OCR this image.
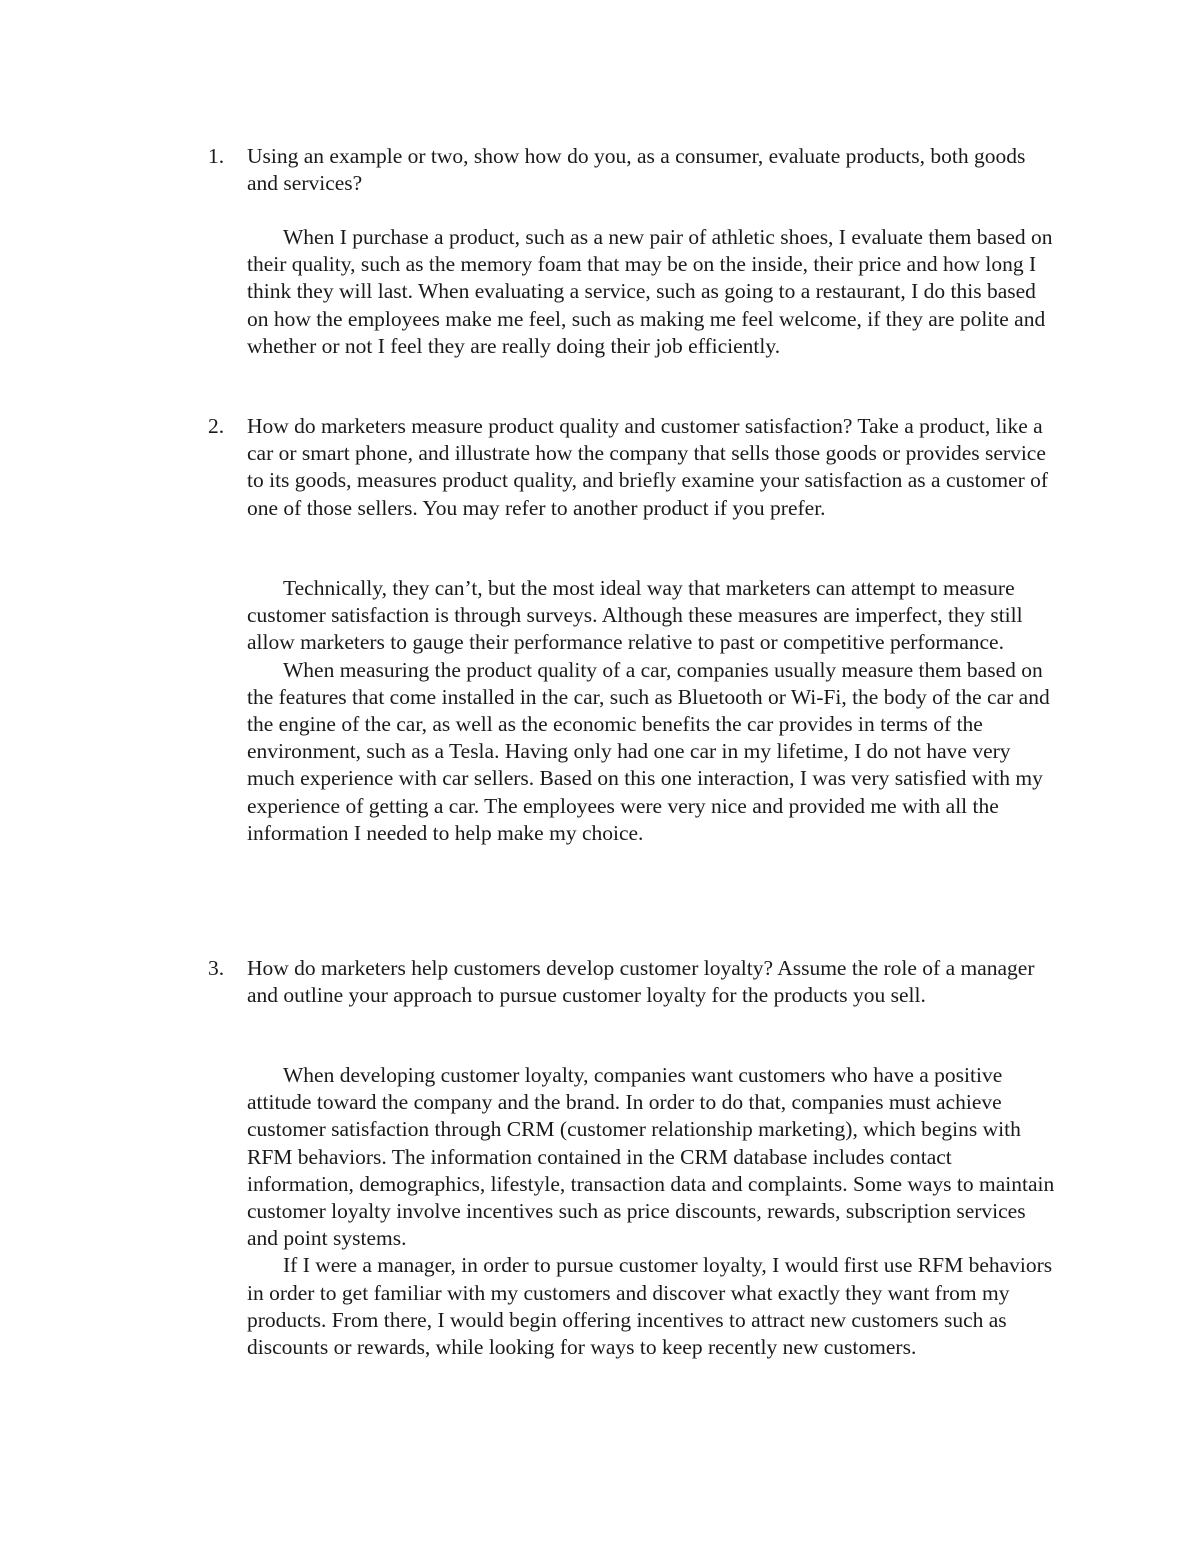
1.	Using an example or two, show how do you, as a consumer, evaluate products, both goods and services?

When I purchase a product, such as a new pair of athletic shoes, I evaluate them based on their quality, such as the memory foam that may be on the inside, their price and how long I think they will last. When evaluating a service, such as going to a restaurant, I do this based on how the employees make me feel, such as making me feel welcome, if they are polite and whether or not I feel they are really doing their job efficiently.

2.	How do marketers measure product quality and customer satisfaction? Take a product, like a car or smart phone, and illustrate how the company that sells those goods or provides service to its goods, measures product quality, and briefly examine your satisfaction as a customer of one of those sellers. You may refer to another product if you prefer.

Technically, they can’t, but the most ideal way that marketers can attempt to measure customer satisfaction is through surveys. Although these measures are imperfect, they still allow marketers to gauge their performance relative to past or competitive performance.

When measuring the product quality of a car, companies usually measure them based on the features that come installed in the car, such as Bluetooth or Wi-Fi, the body of the car and the engine of the car, as well as the economic benefits the car provides in terms of the environment, such as a Tesla. Having only had one car in my lifetime, I do not have very much experience with car sellers. Based on this one interaction, I was very satisfied with my experience of getting a car. The employees were very nice and provided me with all the information I needed to help make my choice.

3.	How do marketers help customers develop customer loyalty? Assume the role of a manager and outline your approach to pursue customer loyalty for the products you sell.

When developing customer loyalty, companies want customers who have a positive attitude toward the company and the brand. In order to do that, companies must achieve customer satisfaction through CRM (customer relationship marketing), which begins with RFM behaviors. The information contained in the CRM database includes contact information, demographics, lifestyle, transaction data and complaints. Some ways to maintain customer loyalty involve incentives such as price discounts, rewards, subscription services and point systems.

If I were a manager, in order to pursue customer loyalty, I would first use RFM behaviors in order to get familiar with my customers and discover what exactly they want from my products. From there, I would begin offering incentives to attract new customers such as discounts or rewards, while looking for ways to keep recently new customers.
